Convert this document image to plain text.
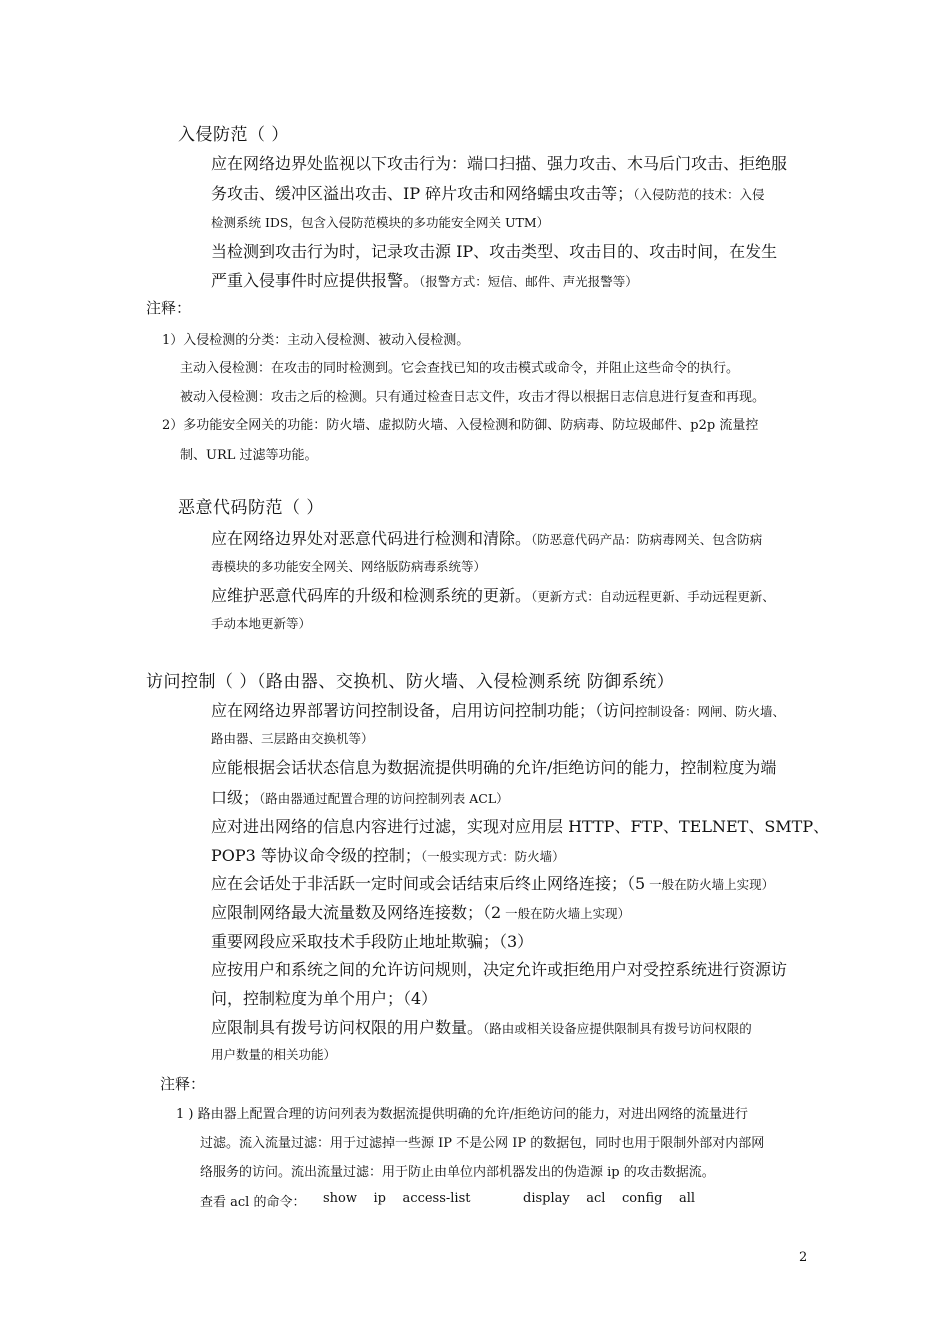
入侵防范（ ）
应在网络边界处监视以下攻击行为：端口扫描、强力攻击、木马后门攻击、拒绝服
务攻击、缓冲区溢出攻击、IP 碎片攻击和网络蠕虫攻击等；（入侵防范的技术：入侵
检测系统 IDS，包含入侵防范模块的多功能安全网关 UTM）
当检测到攻击行为时，记录攻击源 IP、攻击类型、攻击目的、攻击时间，在发生
严重入侵事件时应提供报警。（报警方式：短信、邮件、声光报警等）
注释：
1）入侵检测的分类：主动入侵检测、被动入侵检测。
主动入侵检测：在攻击的同时检测到。它会查找已知的攻击模式或命令，并阻止这些命令的执行。
被动入侵检测：攻击之后的检测。只有通过检查日志文件，攻击才得以根据日志信息进行复查和再现。
2）多功能安全网关的功能：防火墙、虚拟防火墙、入侵检测和防御、防病毒、防垃圾邮件、p2p 流量控
制、URL 过滤等功能。
恶意代码防范（ ）
应在网络边界处对恶意代码进行检测和清除。（防恶意代码产品：防病毒网关、包含防病
毒模块的多功能安全网关、网络版防病毒系统等）
应维护恶意代码库的升级和检测系统的更新。（更新方式：自动远程更新、手动远程更新、
手动本地更新等）
访问控制（ ）（路由器、交换机、防火墙、入侵检测系统 防御系统）
应在网络边界部署访问控制设备，启用访问控制功能；（访问控制设备：网闸、防火墙、
路由器、三层路由交换机等）
应能根据会话状态信息为数据流提供明确的允许/拒绝访问的能力，控制粒度为端
口级；（路由器通过配置合理的访问控制列表 ACL）
应对进出网络的信息内容进行过滤，实现对应用层 HTTP、FTP、TELNET、SMTP、
POP3 等协议命令级的控制；（一般实现方式：防火墙）
应在会话处于非活跃一定时间或会话结束后终止网络连接；（5 一般在防火墙上实现）
应限制网络最大流量数及网络连接数；（2 一般在防火墙上实现）
重要网段应采取技术手段防止地址欺骗；（3）
应按用户和系统之间的允许访问规则，决定允许或拒绝用户对受控系统进行资源访
问，控制粒度为单个用户；（4）
应限制具有拨号访问权限的用户数量。（路由或相关设备应提供限制具有拨号访问权限的
用户数量的相关功能）
注释：
1 ) 路由器上配置合理的访问列表为数据流提供明确的允许/拒绝访问的能力，对进出网络的流量进行
过滤。流入流量过滤：用于过滤掉一些源 IP 不是公网 IP 的数据包，同时也用于限制外部对内部网
络服务的访问。流出流量过滤：用于防止由单位内部机器发出的伪造源 ip 的攻击数据流。
查看 acl 的命令： show    ip    access-list	display    acl    config    all
2
